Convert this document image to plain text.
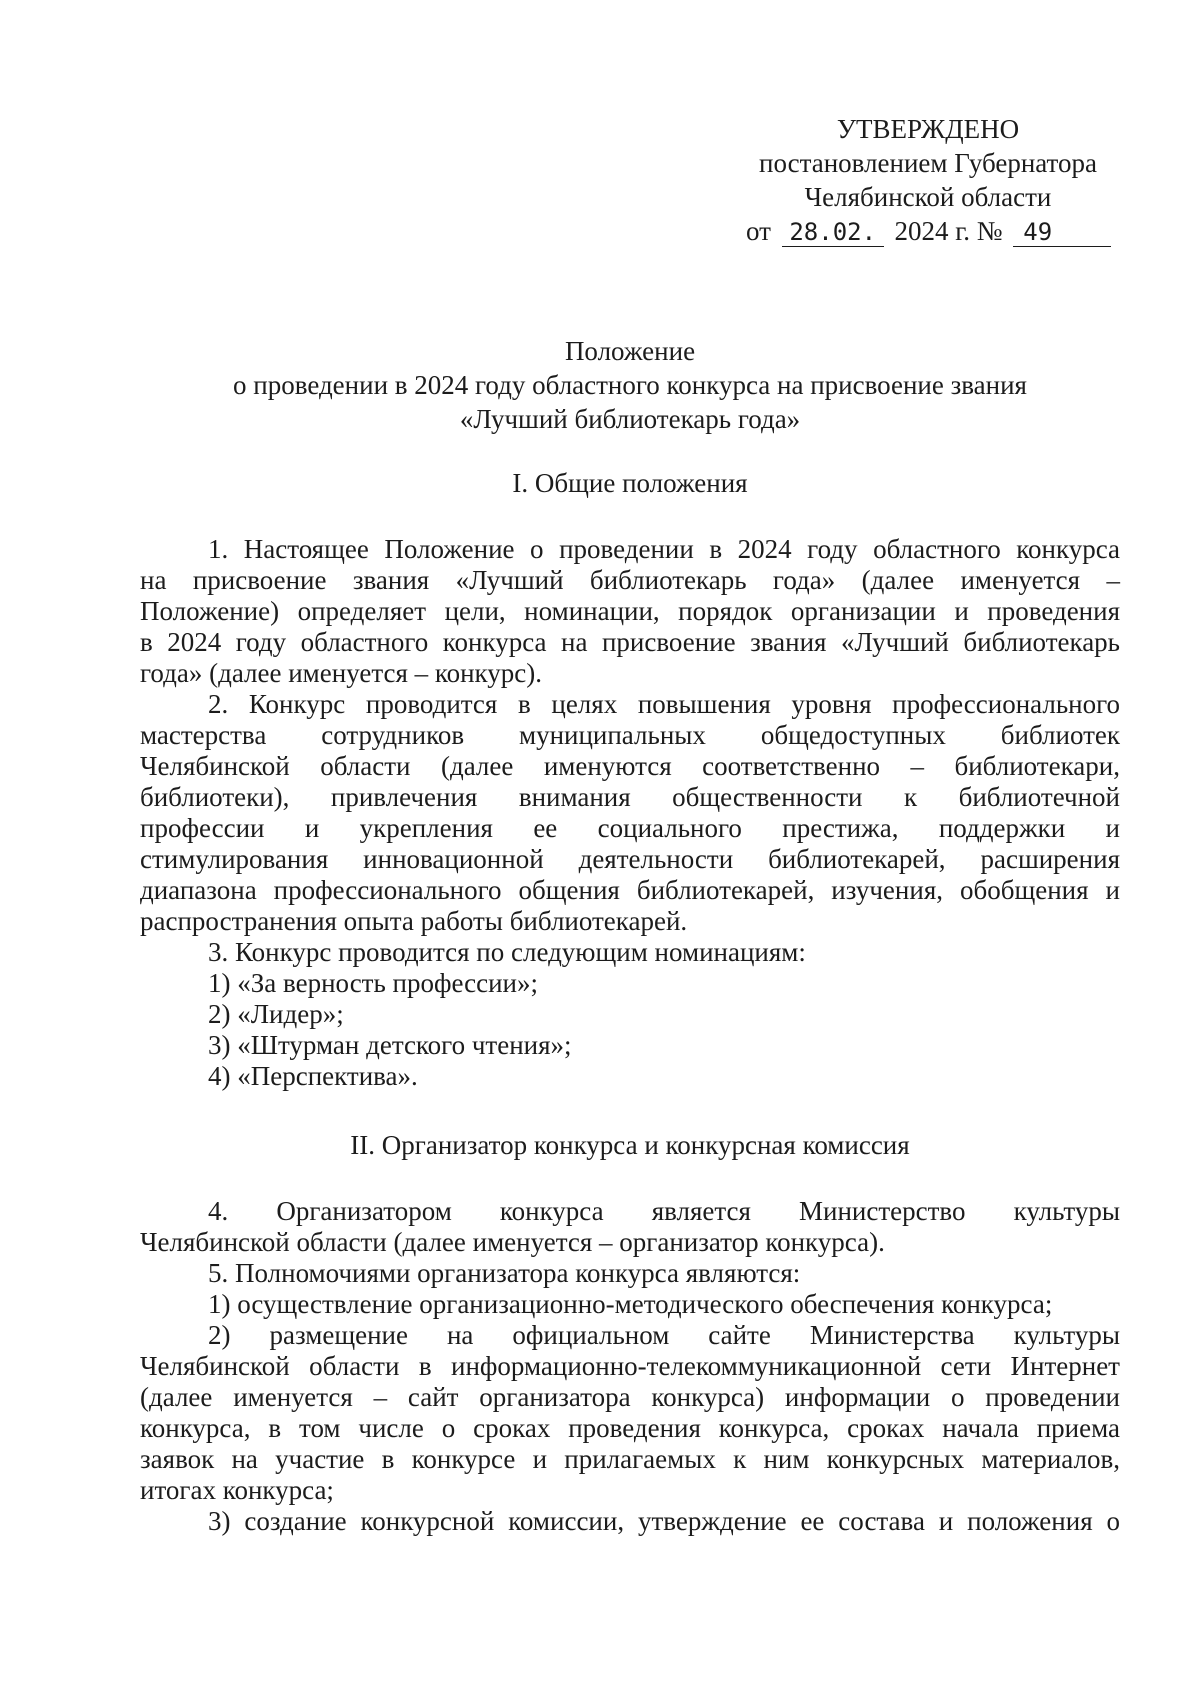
УТВЕРЖДЕНО
постановлением Губернатора
Челябинской области
от 28.02. 2024 г. № 49
Положение
о проведении в 2024 году областного конкурса на присвоение звания
«Лучший библиотекарь года»
I. Общие положения
1. Настоящее Положение о проведении в 2024 году областного конкурса
на присвоение звания «Лучший библиотекарь года» (далее именуется –
Положение) определяет цели, номинации, порядок организации и проведения
в 2024 году областного конкурса на присвоение звания «Лучший библиотекарь
года» (далее именуется – конкурс).
2. Конкурс проводится в целях повышения уровня профессионального
мастерства сотрудников муниципальных общедоступных библиотек
Челябинской области (далее именуются соответственно – библиотекари,
библиотеки), привлечения внимания общественности к библиотечной
профессии и укрепления ее социального престижа, поддержки и
стимулирования инновационной деятельности библиотекарей, расширения
диапазона профессионального общения библиотекарей, изучения, обобщения и
распространения опыта работы библиотекарей.
3. Конкурс проводится по следующим номинациям:
1) «За верность профессии»;
2) «Лидер»;
3) «Штурман детского чтения»;
4) «Перспектива».
II. Организатор конкурса и конкурсная комиссия
4. Организатором конкурса является Министерство культуры
Челябинской области (далее именуется – организатор конкурса).
5. Полномочиями организатора конкурса являются:
1) осуществление организационно-методического обеспечения конкурса;
2) размещение на официальном сайте Министерства культуры
Челябинской области в информационно-телекоммуникационной сети Интернет
(далее именуется – сайт организатора конкурса) информации о проведении
конкурса, в том числе о сроках проведения конкурса, сроках начала приема
заявок на участие в конкурсе и прилагаемых к ним конкурсных материалов,
итогах конкурса;
3) создание конкурсной комиссии, утверждение ее состава и положения о
